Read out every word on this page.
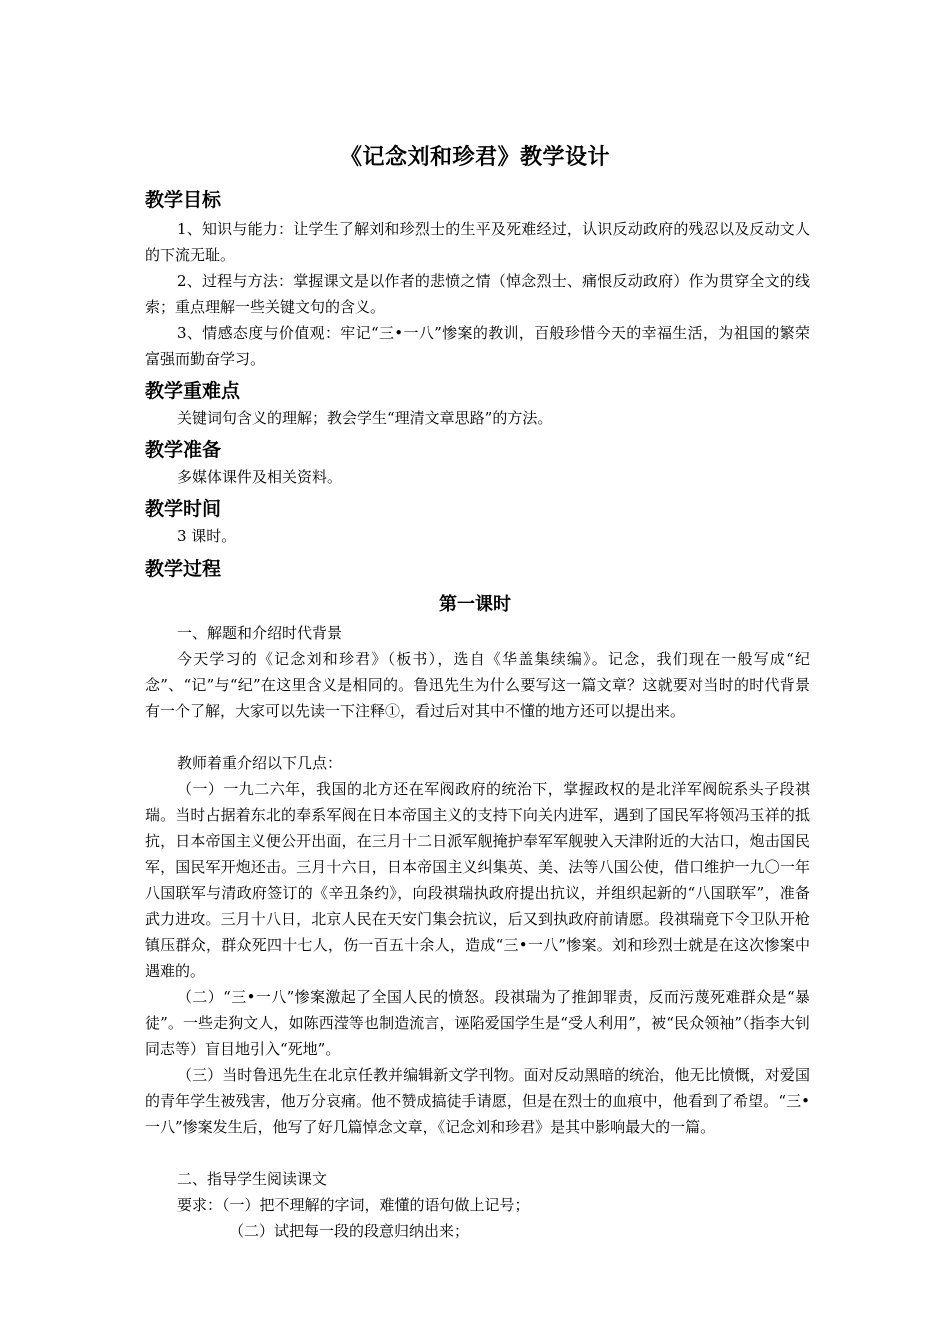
《记念刘和珍君》教学设计
教学目标
1、知识与能力：让学生了解刘和珍烈士的生平及死难经过，认识反动政府的残忍以及反动文人的下流无耻。
2、过程与方法：掌握课文是以作者的悲愤之情（悼念烈士、痛恨反动政府）作为贯穿全文的线索；重点理解一些关键文句的含义。
3、情感态度与价值观：牢记“三•一八”惨案的教训，百般珍惜今天的幸福生活，为祖国的繁荣富强而勤奋学习。
教学重难点
关键词句含义的理解；教会学生“理清文章思路”的方法。
教学准备
多媒体课件及相关资料。
教学时间
3 课时。
教学过程
第一课时
一、解题和介绍时代背景
今天学习的《记念刘和珍君》（板书），选自《华盖集续编》。记念，我们现在一般写成“纪念”、“记”与“纪”在这里含义是相同的。鲁迅先生为什么要写这一篇文章？这就要对当时的时代背景有一个了解，大家可以先读一下注释①，看过后对其中不懂的地方还可以提出来。
教师着重介绍以下几点：
（一）一九二六年，我国的北方还在军阀政府的统治下，掌握政权的是北洋军阀皖系头子段祺瑞。当时占据着东北的奉系军阀在日本帝国主义的支持下向关内进军，遇到了国民军将领冯玉祥的抵抗，日本帝国主义便公开出面，在三月十二日派军舰掩护奉军军舰驶入天津附近的大沽口，炮击国民军，国民军开炮还击。三月十六日，日本帝国主义纠集英、美、法等八国公使，借口维护一九〇一年八国联军与清政府签订的《辛丑条约》，向段祺瑞执政府提出抗议，并组织起新的“八国联军”，准备武力进攻。三月十八日，北京人民在天安门集会抗议，后又到执政府前请愿。段祺瑞竟下令卫队开枪镇压群众，群众死四十七人，伤一百五十余人，造成“三•一八”惨案。刘和珍烈士就是在这次惨案中遇难的。
（二）“三•一八”惨案激起了全国人民的愤怒。段祺瑞为了推卸罪责，反而污蔑死难群众是“暴徒”。一些走狗文人，如陈西滢等也制造流言，诬陷爱国学生是“受人利用”，被“民众领袖”（指李大钊同志等）盲目地引入“死地”。
（三）当时鲁迅先生在北京任教并编辑新文学刊物。面对反动黑暗的统治，他无比愤慨，对爱国的青年学生被残害，他万分哀痛。他不赞成搞徒手请愿，但是在烈士的血痕中，他看到了希望。“三•一八”惨案发生后，他写了好几篇悼念文章，《记念刘和珍君》是其中影响最大的一篇。
二、指导学生阅读课文
要求：（一）把不理解的字词，难懂的语句做上记号；
（二）试把每一段的段意归纳出来；
